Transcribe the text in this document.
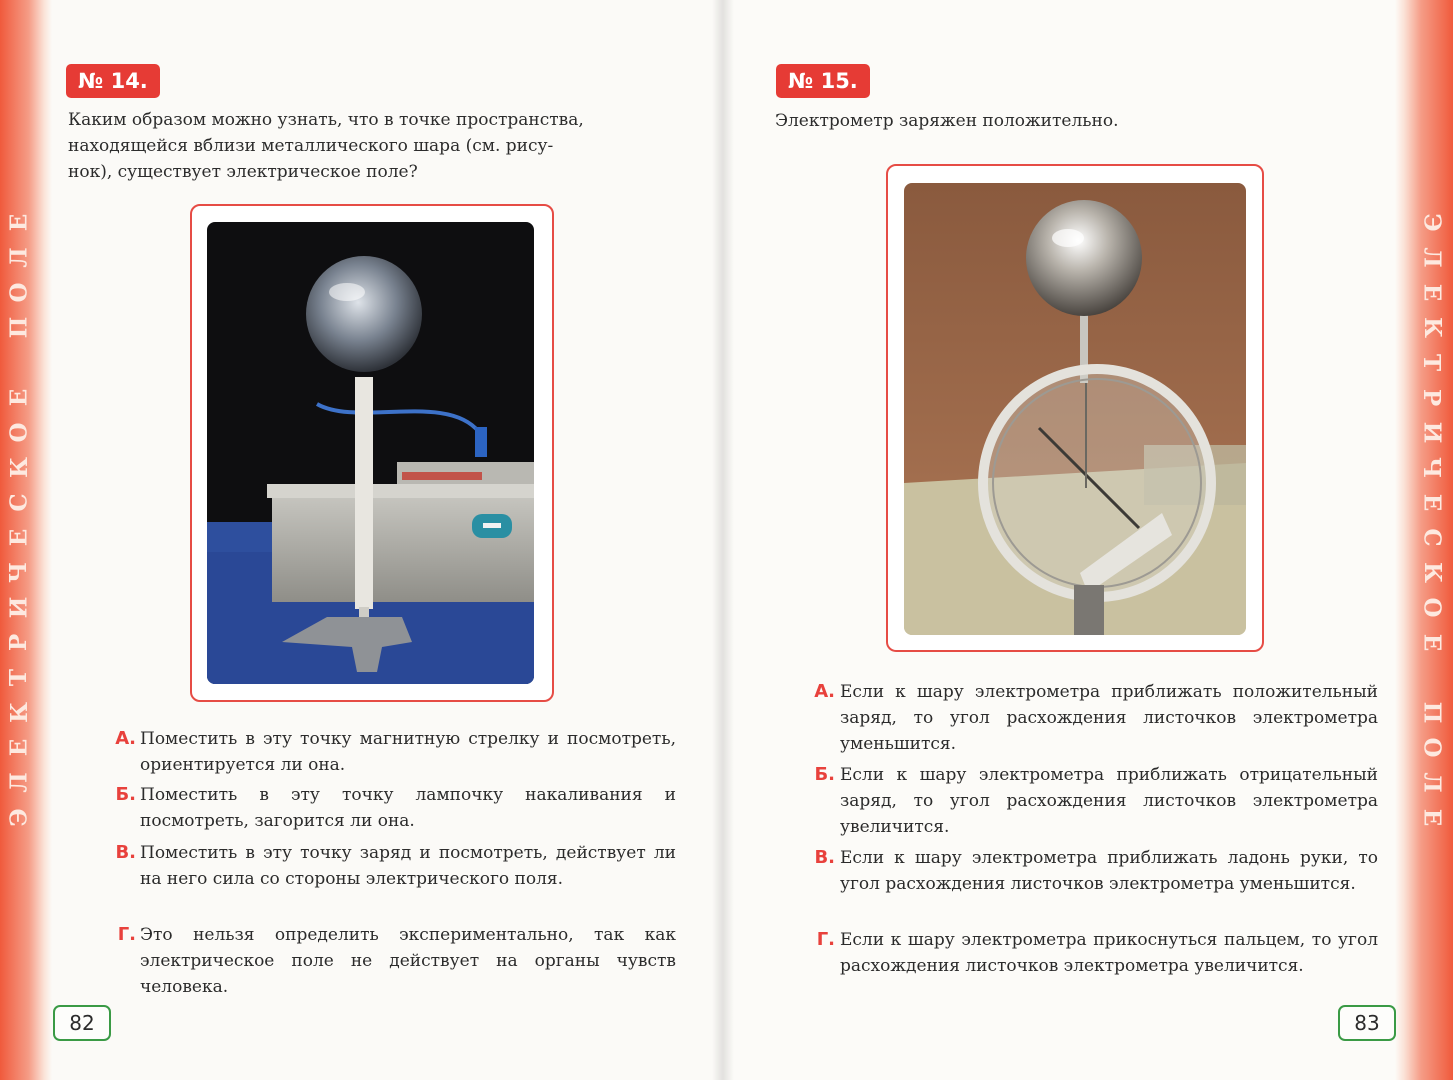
Е
Л
О
П

Е
О
К
С
Е
Ч
И
Р
Т
К
Е
Л
Э
№ 14.
Каким образом можно узнать, что в точке пространства,
находящейся вблизи металлического шара (см. рису-
нок), существует электрическое поле?
А. Поместить в эту точку магнитную стрелку и посмотреть, ориентируется ли она.
Б. Поместить в эту точку лампочку накаливания и посмотреть, загорится ли она.
В. Поместить в эту точку заряд и посмотреть, действует ли на него сила со стороны электрического поля.
Г. Это нельзя определить экспериментально, так как электрическое поле не действует на органы чувств человека.
82
Э
Л
Е
К
Т
Р
И
Ч
Е
С
К
О
Е

П
О
Л
Е
№ 15.
Электрометр заряжен положительно.
А. Если к шару электрометра приближать положительный заряд, то угол расхождения листочков электрометра уменьшится.
Б. Если к шару электрометра приближать отрицательный заряд, то угол расхождения листочков электрометра увеличится.
В. Если к шару электрометра приближать ладонь руки, то угол расхождения листочков электрометра уменьшится.
Г. Если к шару электрометра прикоснуться пальцем, то угол расхождения листочков электрометра увеличится.
83
